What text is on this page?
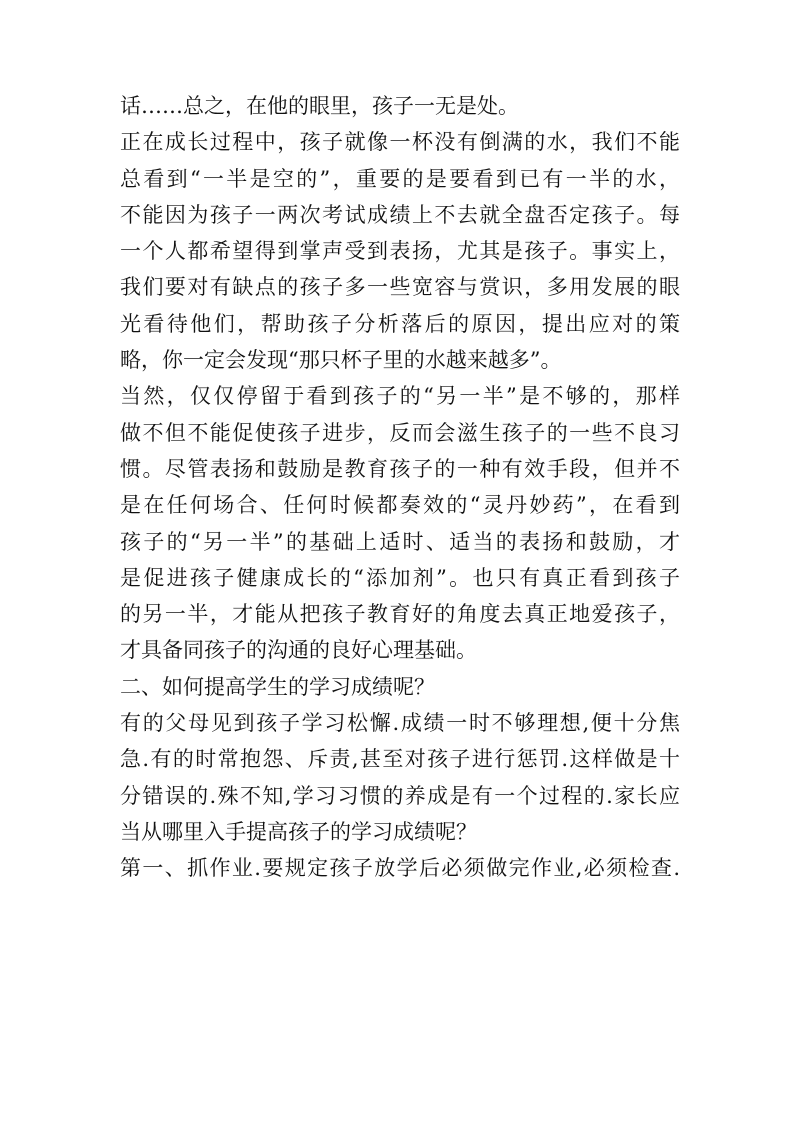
话……总之，在他的眼里，孩子一无是处。
正在成长过程中，孩子就像一杯没有倒满的水，我们不能
总看到“一半是空的”，重要的是要看到已有一半的水，
不能因为孩子一两次考试成绩上不去就全盘否定孩子。每
一个人都希望得到掌声受到表扬，尤其是孩子。事实上，
我们要对有缺点的孩子多一些宽容与赏识，多用发展的眼
光看待他们，帮助孩子分析落后的原因，提出应对的策
略，你一定会发现“那只杯子里的水越来越多”。
当然，仅仅停留于看到孩子的“另一半”是不够的，那样
做不但不能促使孩子进步，反而会滋生孩子的一些不良习
惯。尽管表扬和鼓励是教育孩子的一种有效手段，但并不
是在任何场合、任何时候都奏效的“灵丹妙药”，在看到
孩子的“另一半”的基础上适时、适当的表扬和鼓励，才
是促进孩子健康成长的“添加剂”。也只有真正看到孩子
的另一半，才能从把孩子教育好的角度去真正地爱孩子，
才具备同孩子的沟通的良好心理基础。
二、如何提高学生的学习成绩呢？
有的父母见到孩子学习松懈.成绩一时不够理想,便十分焦
急.有的时常抱怨、斥责,甚至对孩子进行惩罚.这样做是十
分错误的.殊不知,学习习惯的养成是有一个过程的.家长应
当从哪里入手提高孩子的学习成绩呢？
第一、抓作业.要规定孩子放学后必须做完作业,必须检查.
